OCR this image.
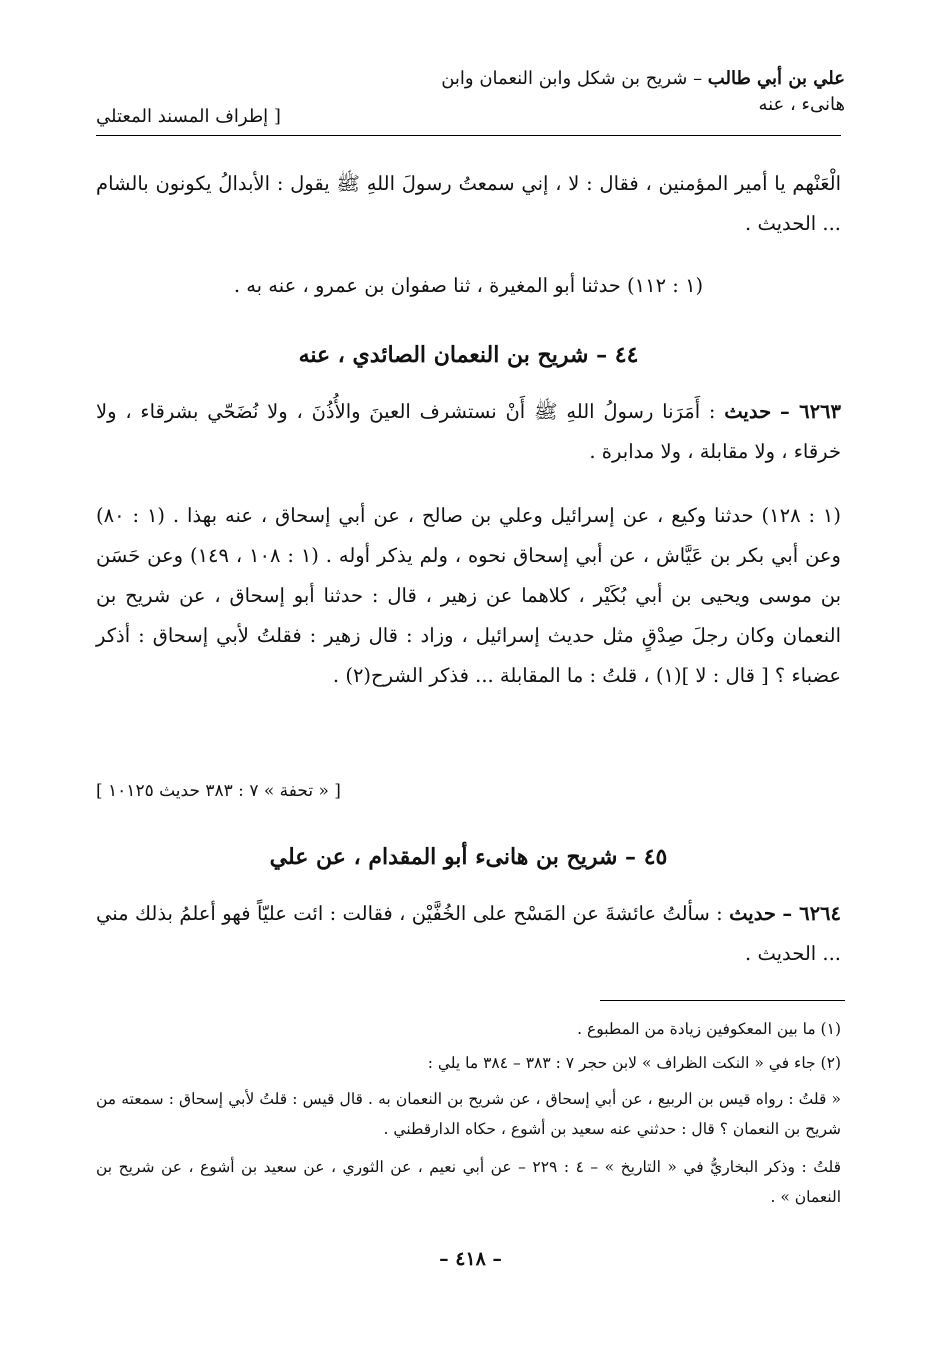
علي بن أبي طالب – شريح بن شكل وابن النعمان وابن
هانىء ، عنه
[ إطراف المسند المعتلي
الْعَنْهم يا أمير المؤمنين ، فقال : لا ، إني سمعتُ رسولَ اللهِ ﷺ يقول : الأبدالُ يكونون بالشام ... الحديث .
(١ : ١١٢) حدثنا أبو المغيرة ، ثنا صفوان بن عمرو ، عنه به .
٤٤ – شريح بن النعمان الصائدي ، عنه
٦٢٦٣ – حديث : أَمَرَنا رسولُ اللهِ ﷺ أَنْ نستشرف العينَ والأُذُنَ ، ولا نُضَحّي بشرقاء ، ولا خرقاء ، ولا مقابلة ، ولا مدابرة .
(١ : ١٢٨) حدثنا وكيع ، عن إسرائيل وعلي بن صالح ، عن أبي إسحاق ، عنه بهذا . (١ : ٨٠) وعن أبي بكر بن عَيَّاش ، عن أبي إسحاق نحوه ، ولم يذكر أوله . (١ : ١٠٨ ، ١٤٩) وعن حَسَن بن موسى ويحيى بن أبي بُكَيْر ، كلاهما عن زهير ، قال : حدثنا أبو إسحاق ، عن شريح بن النعمان وكان رجلَ صِدْقٍ مثل حديث إسرائيل ، وزاد : قال زهير : فقلتُ لأبي إسحاق : أذكر عضباء ؟ [ قال : لا ](١) ، قلتُ : ما المقابلة ... فذكر الشرح(٢) .
[ « تحفة » ٧ : ٣٨٣ حديث ١٠١٢٥ ]
٤٥ – شريح بن هانىء أبو المقدام ، عن علي
٦٢٦٤ – حديث : سألتُ عائشةَ عن المَسْح على الخُفَّيْن ، فقالت : ائت عليّاً فهو أعلمُ بذلك مني ... الحديث .
(١) ما بين المعكوفين زيادة من المطبوع .
(٢) جاء في « النكت الظراف » لابن حجر ٧ : ٣٨٣ – ٣٨٤ ما يلي :
« قلتُ : رواه قيس بن الربيع ، عن أبي إسحاق ، عن شريح بن النعمان به . قال قيس : قلتُ لأبي إسحاق : سمعته من شريح بن النعمان ؟ قال : حدثني عنه سعيد بن أشوع ، حكاه الدارقطني .
قلتُ : وذكر البخاريُّ في « التاريخ » – ٤ : ٢٢٩ – عن أبي نعيم ، عن الثوري ، عن سعيد بن أشوع ، عن شريح بن النعمان » .
– ٤١٨ –
